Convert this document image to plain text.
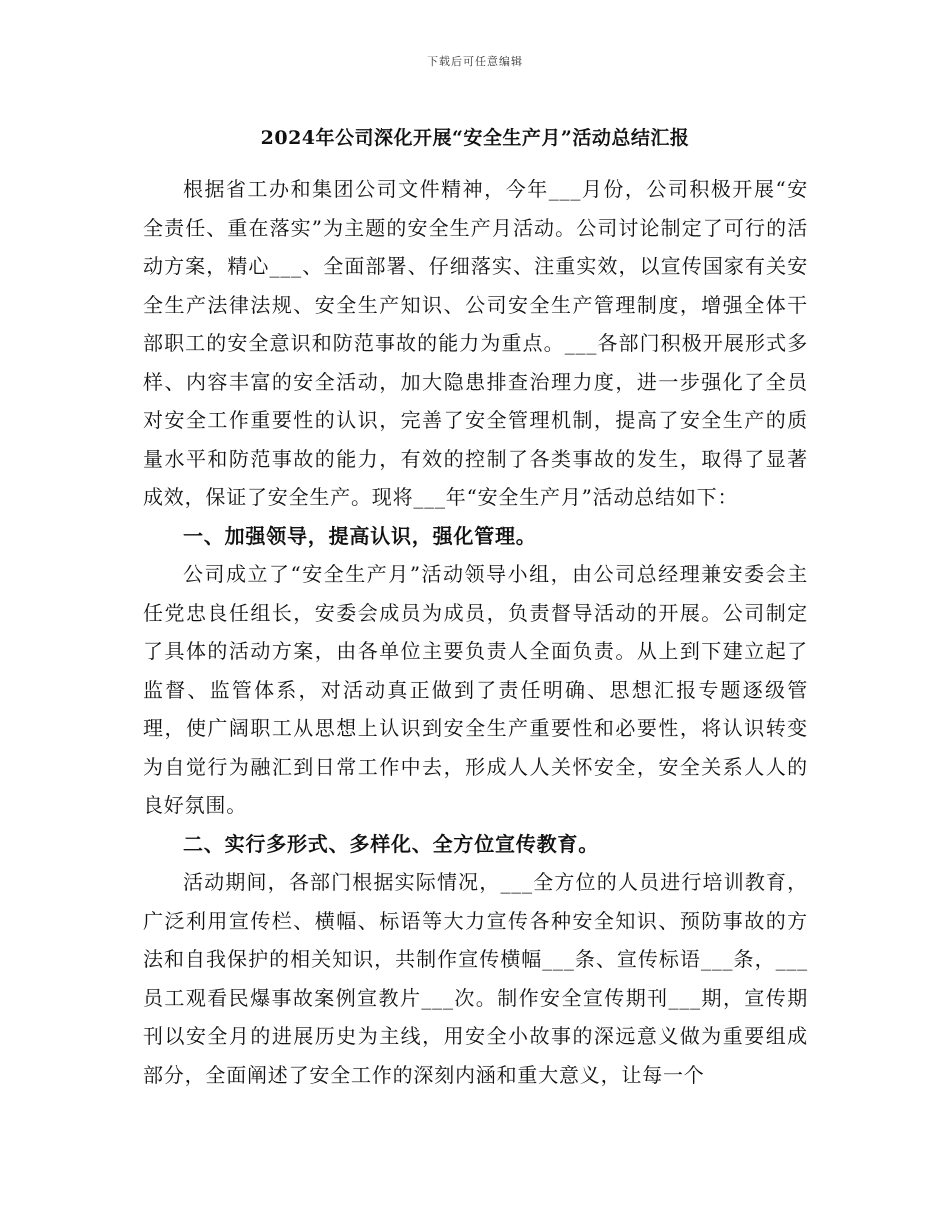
下载后可任意编辑
2024年公司深化开展“安全生产月”活动总结汇报

根据省工办和集团公司文件精神，今年___月份，公司积极开展“安全责任、重在落实”为主题的安全生产月活动。公司讨论制定了可行的活动方案，精心___、全面部署、仔细落实、注重实效，以宣传国家有关安全生产法律法规、安全生产知识、公司安全生产管理制度，增强全体干部职工的安全意识和防范事故的能力为重点。___各部门积极开展形式多样、内容丰富的安全活动，加大隐患排查治理力度，进一步强化了全员对安全工作重要性的认识，完善了安全管理机制，提高了安全生产的质量水平和防范事故的能力，有效的控制了各类事故的发生，取得了显著成效，保证了安全生产。现将___年“安全生产月”活动总结如下：

一、加强领导，提高认识，强化管理。

公司成立了“安全生产月”活动领导小组，由公司总经理兼安委会主任党忠良任组长，安委会成员为成员，负责督导活动的开展。公司制定了具体的活动方案，由各单位主要负责人全面负责。从上到下建立起了监督、监管体系，对活动真正做到了责任明确、思想汇报专题逐级管理，使广阔职工从思想上认识到安全生产重要性和必要性，将认识转变为自觉行为融汇到日常工作中去，形成人人关怀安全，安全关系人人的良好氛围。

二、实行多形式、多样化、全方位宣传教育。

活动期间，各部门根据实际情况，___全方位的人员进行培训教育，广泛利用宣传栏、横幅、标语等大力宣传各种安全知识、预防事故的方法和自我保护的相关知识，共制作宣传横幅___条、宣传标语___条，___员工观看民爆事故案例宣教片___次。制作安全宣传期刊___期，宣传期刊以安全月的进展历史为主线，用安全小故事的深远意义做为重要组成部分，全面阐述了安全工作的深刻内涵和重大意义，让每一个
